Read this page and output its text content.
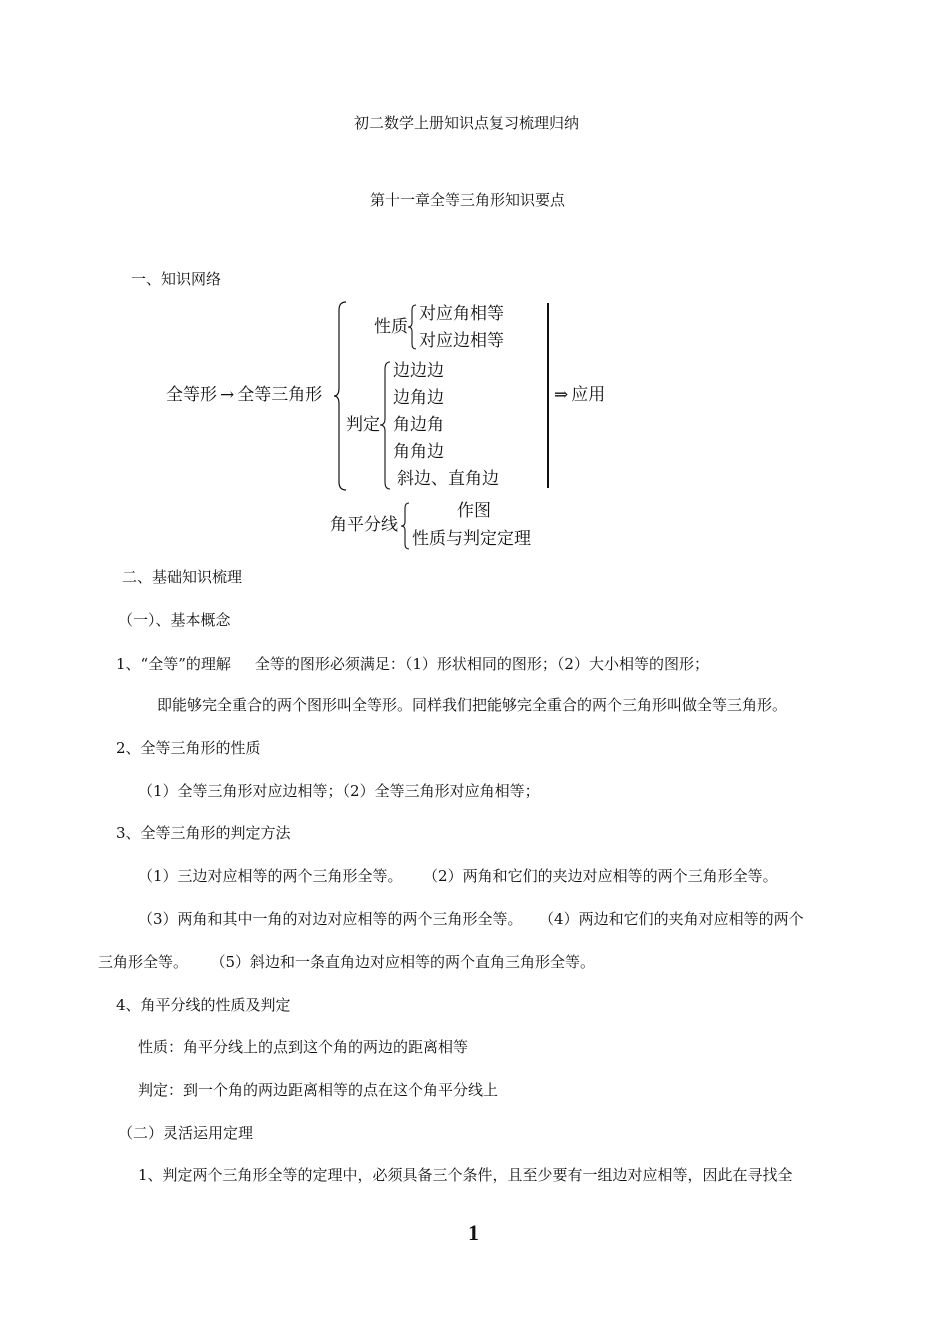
初二数学上册知识点复习梳理归纳
第十一章全等三角形知识要点
一、知识网络
全等形 → 全等三角形
性质
对应角相等
对应边相等
判定
边边边
边角边
角边角
角角边
斜边、直角边
⇒ 应用
角平分线
作图
性质与判定定理
二、基础知识梳理
（一）、基本概念
1、“全等”的理解 全等的图形必须满足：（1）形状相同的图形；（2）大小相等的图形；
即能够完全重合的两个图形叫全等形。同样我们把能够完全重合的两个三角形叫做全等三角形。
2、全等三角形的性质
（1）全等三角形对应边相等；（2）全等三角形对应角相等；
3、全等三角形的判定方法
（1）三边对应相等的两个三角形全等。 （2）两角和它们的夹边对应相等的两个三角形全等。
（3）两角和其中一角的对边对应相等的两个三角形全等。 （4）两边和它们的夹角对应相等的两个
三角形全等。 （5）斜边和一条直角边对应相等的两个直角三角形全等。
4、角平分线的性质及判定
性质：角平分线上的点到这个角的两边的距离相等
判定：到一个角的两边距离相等的点在这个角平分线上
（二）灵活运用定理
1、判定两个三角形全等的定理中，必须具备三个条件，且至少要有一组边对应相等，因此在寻找全
1
